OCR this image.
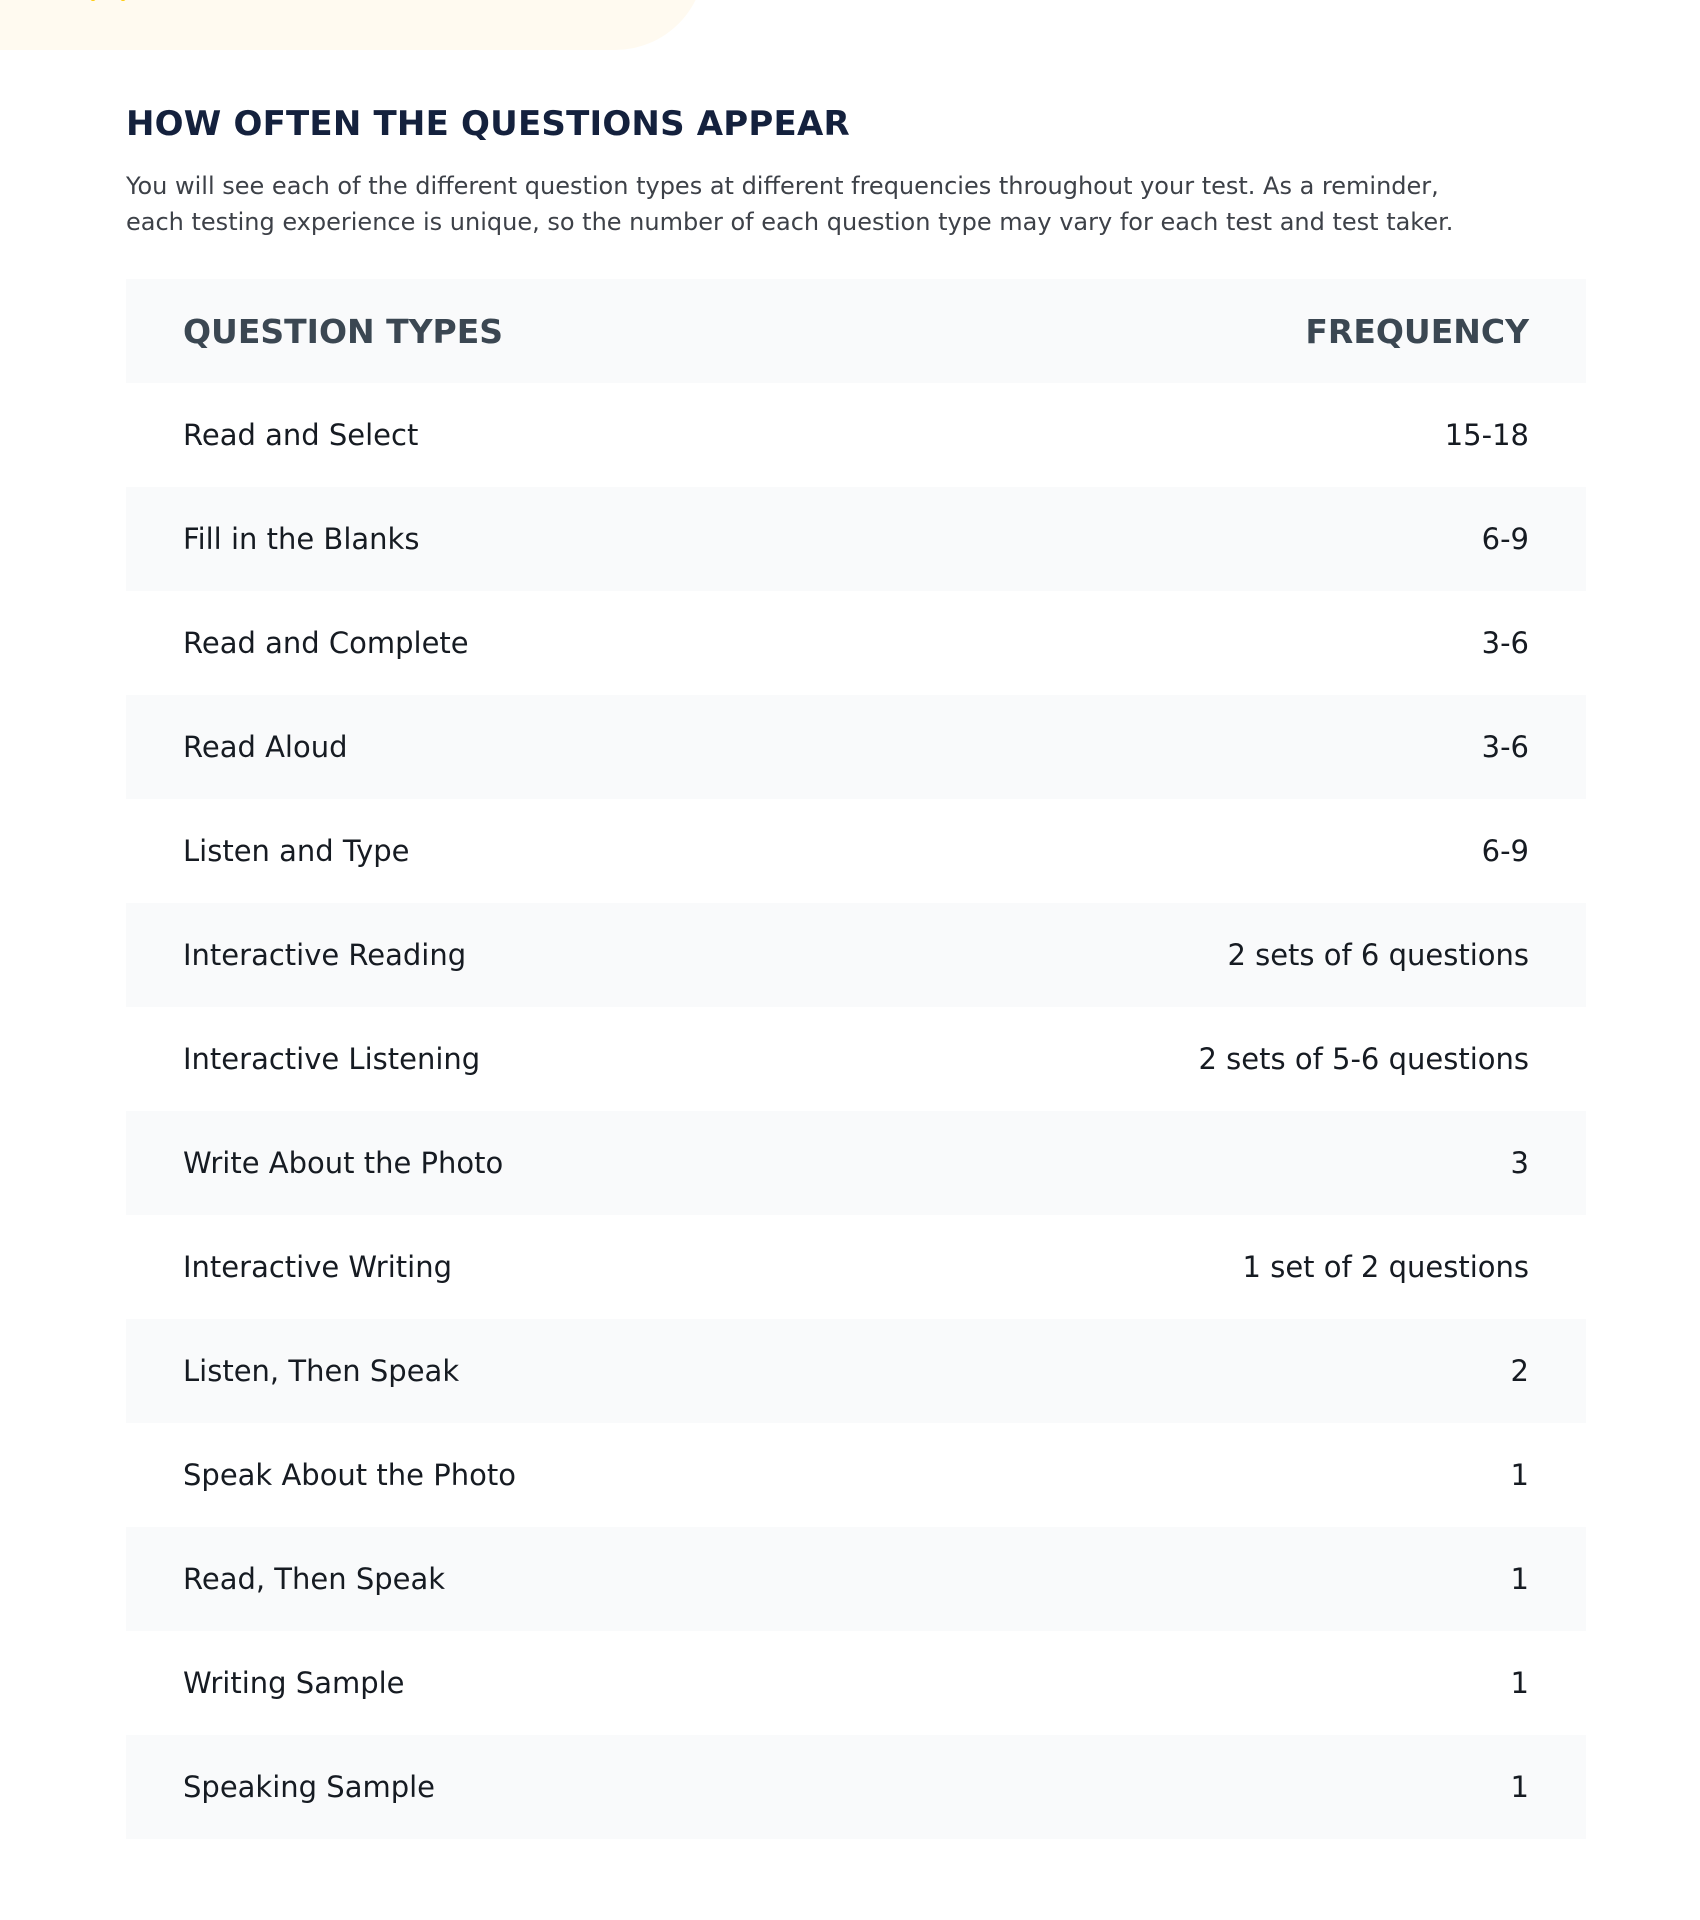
HOW OFTEN THE QUESTIONS APPEAR

You will see each of the different question types at different frequencies throughout your test. As a reminder, each testing experience is unique, so the number of each question type may vary for each test and test taker.

QUESTION TYPES	FREQUENCY
Read and Select	15-18
Fill in the Blanks	6-9
Read and Complete	3-6
Read Aloud	3-6
Listen and Type	6-9
Interactive Reading	2 sets of 6 questions
Interactive Listening	2 sets of 5-6 questions
Write About the Photo	3
Interactive Writing	1 set of 2 questions
Listen, Then Speak	2
Speak About the Photo	1
Read, Then Speak	1
Writing Sample	1
Speaking Sample	1
